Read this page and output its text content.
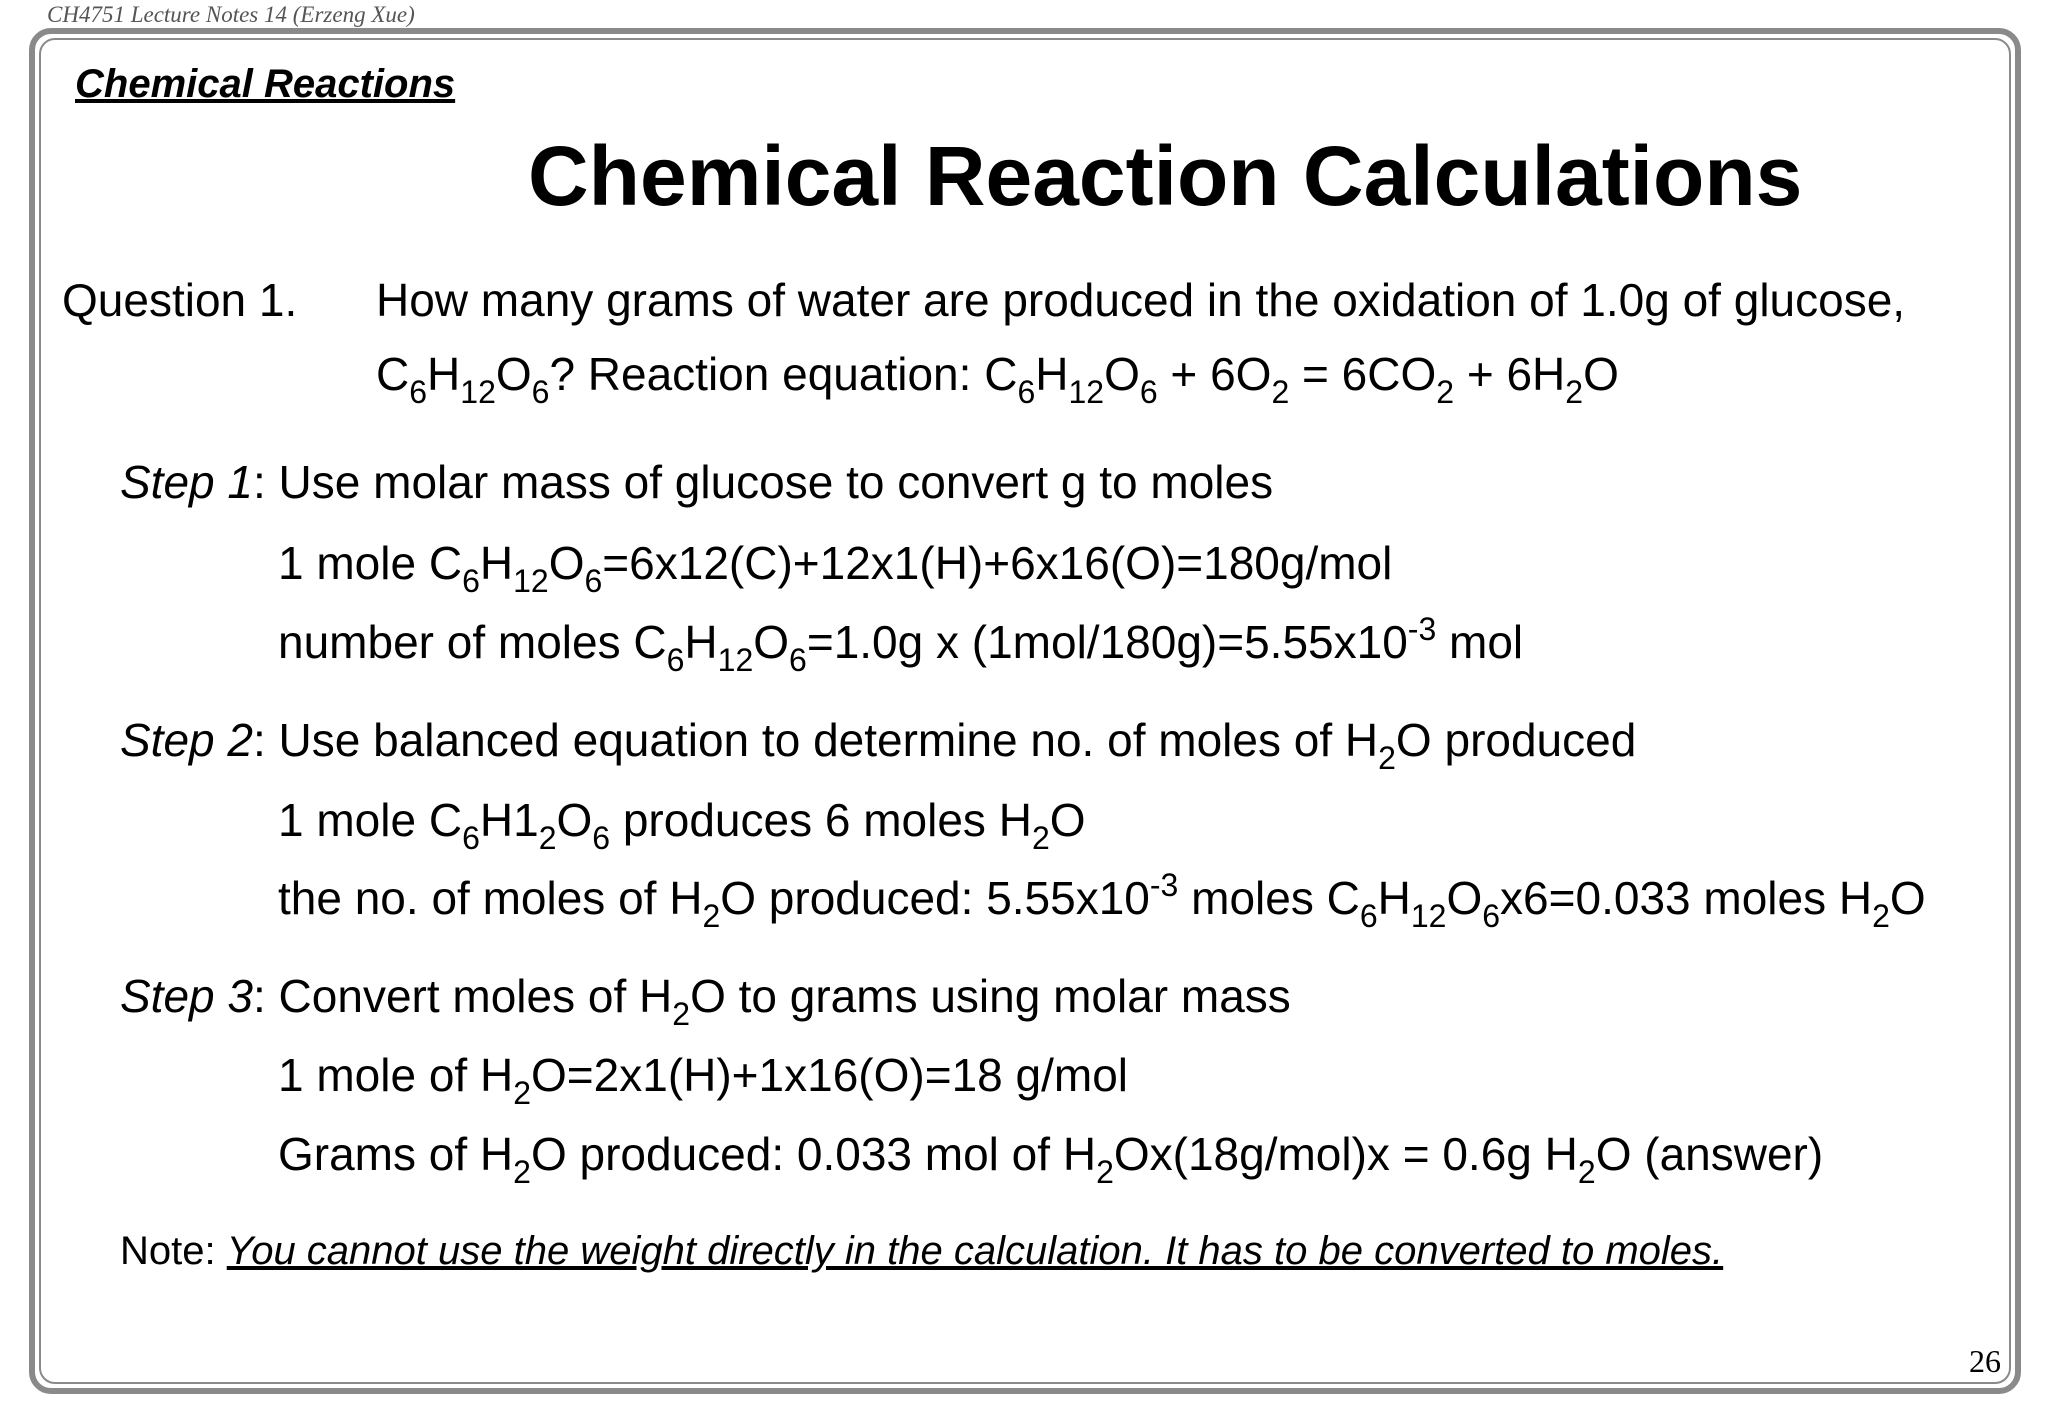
CH4751 Lecture Notes 14 (Erzeng Xue)
Chemical Reactions
Chemical Reaction Calculations
Question 1. How many grams of water are produced in the oxidation of 1.0g of glucose,
$C_6H_{12}O_6$? Reaction equation: $C_6H_{12}O_6 + 6O_2 = 6CO_2 + 6H_2O$
Step 1: Use molar mass of glucose to convert g to moles
1 mole $C_6H_{12}O_6=6x12(C)+12x1(H)+6x16(O)=180g$/mol
number of moles $C_6H_{12}O_6=1.0g$ x $(1mol/180g)=5.55x10^{-3}$ mol
Step 2: Use balanced equation to determine no. of moles of $H_2O$ produced
1 mole $C_6H1_2O_6$ produces 6 moles $H_2O$
the no. of moles of $H_2O$ produced: $5.55x10^{-3}$ moles $C_6H_{12}O_6x6=0.033$ moles $H_2O$
Step 3: Convert moles of $H_2O$ to grams using molar mass
1 mole of $H_2O=2x1(H)+1x16(O)=18$ g/mol
Grams of $H_2O$ produced: 0.033 mol of $H_2Ox(18g/mol)x = 0.6g$ $H_2O$ (answer)
Note: You cannot use the weight directly in the calculation. It has to be converted to moles.
26
